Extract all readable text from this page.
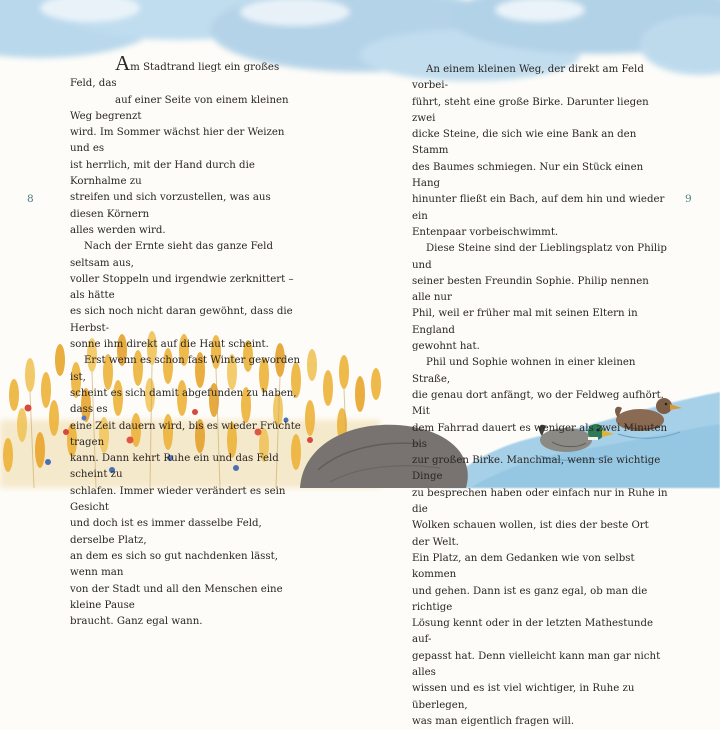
Am Stadtrand liegt ein großes Feld, das

auf einer Seite von einem kleinen Weg begrenzt

wird. Im Sommer wächst hier der Weizen und es

ist herrlich, mit der Hand durch die Kornhalme zu

streifen und sich vorzustellen, was aus diesen Körnern

alles werden wird.

Nach der Ernte sieht das ganze Feld seltsam aus,

voller Stoppeln und irgendwie zerknittert – als hätte

es sich noch nicht daran gewöhnt, dass die Herbst-

sonne ihm direkt auf die Haut scheint.

Erst wenn es schon fast Winter geworden ist,

scheint es sich damit abgefunden zu haben, dass es

eine Zeit dauern wird, bis es wieder Früchte tragen

kann. Dann kehrt Ruhe ein und das Feld scheint zu

schlafen. Immer wieder verändert es sein Gesicht

und doch ist es immer dasselbe Feld, derselbe Platz,

an dem es sich so gut nachdenken lässt, wenn man

von der Stadt und all den Menschen eine kleine Pause

braucht. Ganz egal wann.

An einem kleinen Weg, der direkt am Feld vorbei-

führt, steht eine große Birke. Darunter liegen zwei

dicke Steine, die sich wie eine Bank an den Stamm

des Baumes schmiegen. Nur ein Stück einen Hang

hinunter fließt ein Bach, auf dem hin und wieder ein

Entenpaar vorbeischwimmt.

Diese Steine sind der Lieblingsplatz von Philip und

seiner besten Freundin Sophie. Philip nennen alle nur

Phil, weil er früher mal mit seinen Eltern in England

gewohnt hat.

Phil und Sophie wohnen in einer kleinen Straße,

die genau dort anfängt, wo der Feldweg aufhört. Mit

dem Fahrrad dauert es weniger als zwei Minuten bis

zur großen Birke. Manchmal, wenn sie wichtige Dinge

zu besprechen haben oder einfach nur in Ruhe in die

Wolken schauen wollen, ist dies der beste Ort der Welt.

Ein Platz, an dem Gedanken wie von selbst kommen

und gehen. Dann ist es ganz egal, ob man die richtige

Lösung kennt oder in der letzten Mathestunde auf-

gepasst hat. Denn vielleicht kann man gar nicht alles

wissen und es ist viel wichtiger, in Ruhe zu überlegen,

was man eigentlich fragen will.

8	9
